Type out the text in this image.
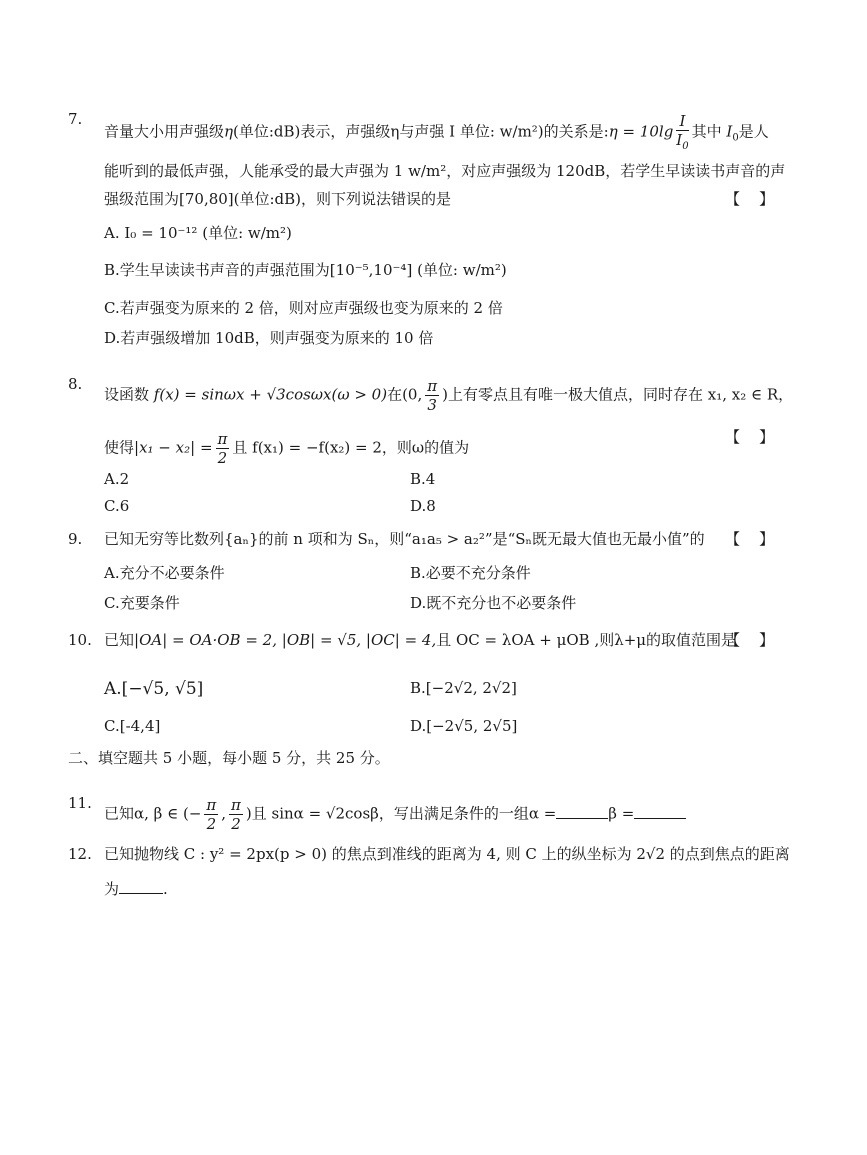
7.
音量大小用声强级η(单位:dB)表示，声强级η与声强 I 单位: w/m²)的关系是:η = $10\lg \frac{I}{I_0}$ 其中 $I_0$是人
能听到的最低声强，人能承受的最大声强为 1 w/m²，对应声强级为 120dB，若学生早读读书声音的声
强级范围为[70,80](单位:dB)，则下列说法错误的是	【    】
A. I₀ = 10⁻¹² (单位: w/m²)
B.学生早读读书声音的声强范围为[10⁻⁵,10⁻⁴] (单位: w/m²)
C.若声强变为原来的 2 倍，则对应声强级也变为原来的 2 倍
D.若声强级增加 10dB，则声强变为原来的 10 倍
8.
设函数 f(x) = sinωx + √3cosωx(ω > 0)在(0, $\frac{\pi}{3}$ )上有零点且有唯一极大值点，同时存在 x₁, x₂ ∈ R，
使得$|x_1 - x_2| = \frac{\pi}{2}$ 且 f(x₁) = −f(x₂) = 2，则ω的值为
【    】
A.2	B.4
C.6	D.8
9. 已知无穷等比数列{aₙ}的前 n 项和为 Sₙ，则“a₁a₅ > a₂²”是“Sₙ既无最大值也无最小值”的 【    】
A.充分不必要条件	B.必要不充分条件
C.充要条件	D.既不充分也不必要条件
10. 已知|OA| = OA·OB = 2, |OB| = √5, |OC| = 4,且 OC = λOA + μOB ,则λ+μ的取值范围是
【    】
A.[−√5, √5]	B.[−2√2, 2√2]
C.[-4,4]	D.[−2√5, 2√5]
二、填空题共 5 小题，每小题 5 分，共 25 分。
11.
已知α, β ∈ (− $\frac{\pi}{2}$ , $\frac{\pi}{2}$ )且 sinα = √2cosβ，写出满足条件的一组α =	β =
12. 已知抛物线 C : y² = 2px(p > 0) 的焦点到准线的距离为 4, 则 C 上的纵坐标为 2√2 的点到焦点的距离
为	.
